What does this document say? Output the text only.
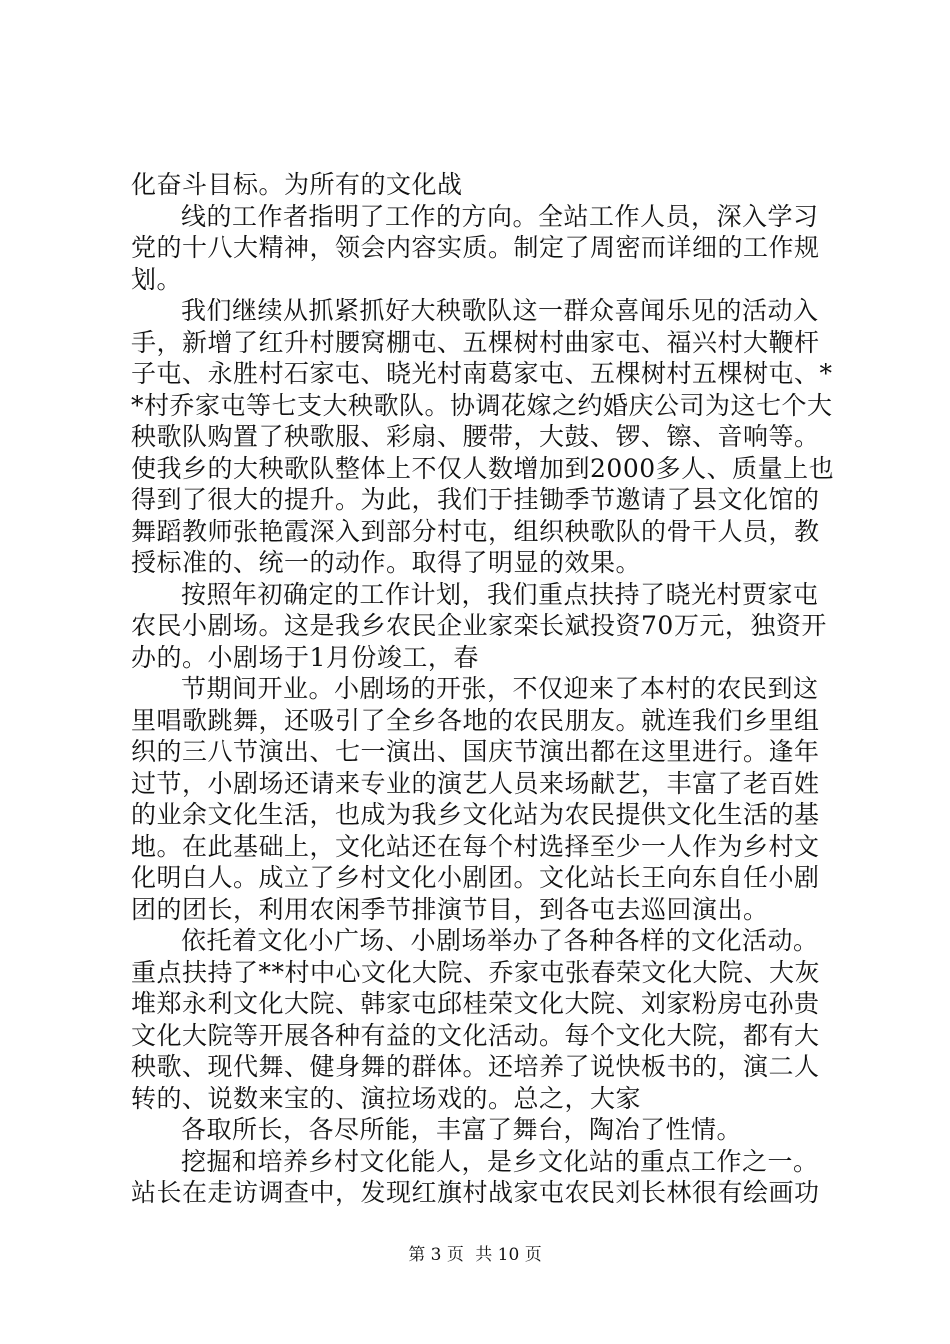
化奋斗目标。为所有的文化战
线的工作者指明了工作的方向。全站工作人员，深入学习
党的十八大精神，领会内容实质。制定了周密而详细的工作规
划。
我们继续从抓紧抓好大秧歌队这一群众喜闻乐见的活动入
手，新增了红升村腰窝棚屯、五棵树村曲家屯、福兴村大鞭杆
子屯、永胜村石家屯、晓光村南葛家屯、五棵树村五棵树屯、*
*村乔家屯等七支大秧歌队。协调花嫁之约婚庆公司为这七个大
秧歌队购置了秧歌服、彩扇、腰带，大鼓、锣、镲、音响等。
使我乡的大秧歌队整体上不仅人数增加到2000多人、质量上也
得到了很大的提升。为此，我们于挂锄季节邀请了县文化馆的
舞蹈教师张艳霞深入到部分村屯，组织秧歌队的骨干人员，教
授标准的、统一的动作。取得了明显的效果。
按照年初确定的工作计划，我们重点扶持了晓光村贾家屯
农民小剧场。这是我乡农民企业家栾长斌投资70万元，独资开
办的。小剧场于1月份竣工，春
节期间开业。小剧场的开张，不仅迎来了本村的农民到这
里唱歌跳舞，还吸引了全乡各地的农民朋友。就连我们乡里组
织的三八节演出、七一演出、国庆节演出都在这里进行。逢年
过节，小剧场还请来专业的演艺人员来场献艺，丰富了老百姓
的业余文化生活，也成为我乡文化站为农民提供文化生活的基
地。在此基础上，文化站还在每个村选择至少一人作为乡村文
化明白人。成立了乡村文化小剧团。文化站长王向东自任小剧
团的团长，利用农闲季节排演节目，到各屯去巡回演出。
依托着文化小广场、小剧场举办了各种各样的文化活动。
重点扶持了**村中心文化大院、乔家屯张春荣文化大院、大灰
堆郑永利文化大院、韩家屯邱桂荣文化大院、刘家粉房屯孙贵
文化大院等开展各种有益的文化活动。每个文化大院，都有大
秧歌、现代舞、健身舞的群体。还培养了说快板书的，演二人
转的、说数来宝的、演拉场戏的。总之，大家
各取所长，各尽所能，丰富了舞台，陶冶了性情。
挖掘和培养乡村文化能人，是乡文化站的重点工作之一。
站长在走访调查中，发现红旗村战家屯农民刘长林很有绘画功
第 3 页 共 10 页
